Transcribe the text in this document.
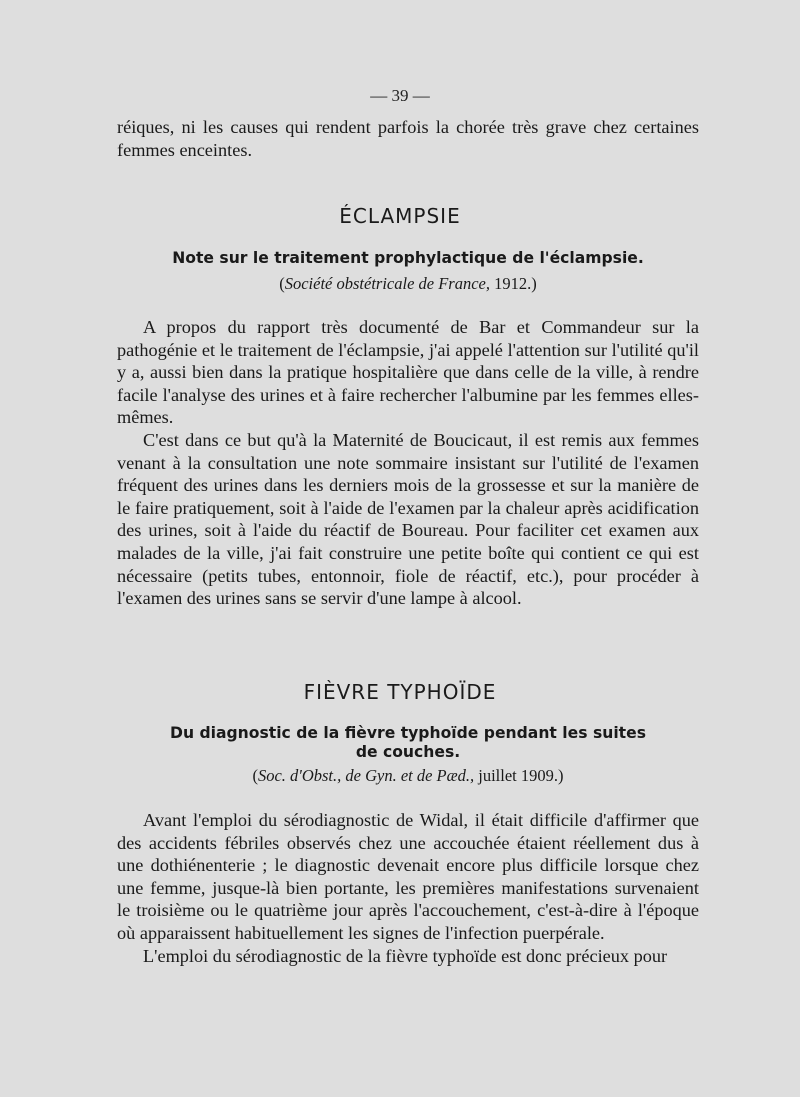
— 39 —

réiques, ni les causes qui rendent parfois la chorée très grave chez certaines femmes enceintes.

ÉCLAMPSIE
Note sur le traitement prophylactique de l'éclampsie.
(Société obstétricale de France, 1912.)

A propos du rapport très documenté de Bar et Commandeur sur la pathogénie et le traitement de l'éclampsie, j'ai appelé l'attention sur l'utilité qu'il y a, aussi bien dans la pratique hospitalière que dans celle de la ville, à rendre facile l'analyse des urines et à faire rechercher l'albumine par les femmes elles-mêmes.

C'est dans ce but qu'à la Maternité de Boucicaut, il est remis aux femmes venant à la consultation une note sommaire insistant sur l'utilité de l'examen fréquent des urines dans les derniers mois de la grossesse et sur la manière de le faire pratiquement, soit à l'aide de l'examen par la chaleur après acidification des urines, soit à l'aide du réactif de Boureau. Pour faciliter cet examen aux malades de la ville, j'ai fait construire une petite boîte qui contient ce qui est nécessaire (petits tubes, entonnoir, fiole de réactif, etc.), pour procéder à l'examen des urines sans se servir d'une lampe à alcool.

FIÈVRE TYPHOÏDE
Du diagnostic de la fièvre typhoïde pendant les suites
de couches.
(Soc. d'Obst., de Gyn. et de Pæd., juillet 1909.)

Avant l'emploi du sérodiagnostic de Widal, il était difficile d'affirmer que des accidents fébriles observés chez une accouchée étaient réellement dus à une dothiénenterie ; le diagnostic devenait encore plus difficile lorsque chez une femme, jusque-là bien portante, les premières manifestations survenaient le troisième ou le quatrième jour après l'accouchement, c'est-à-dire à l'époque où apparaissent habituellement les signes de l'infection puerpérale.

L'emploi du sérodiagnostic de la fièvre typhoïde est donc précieux pour
